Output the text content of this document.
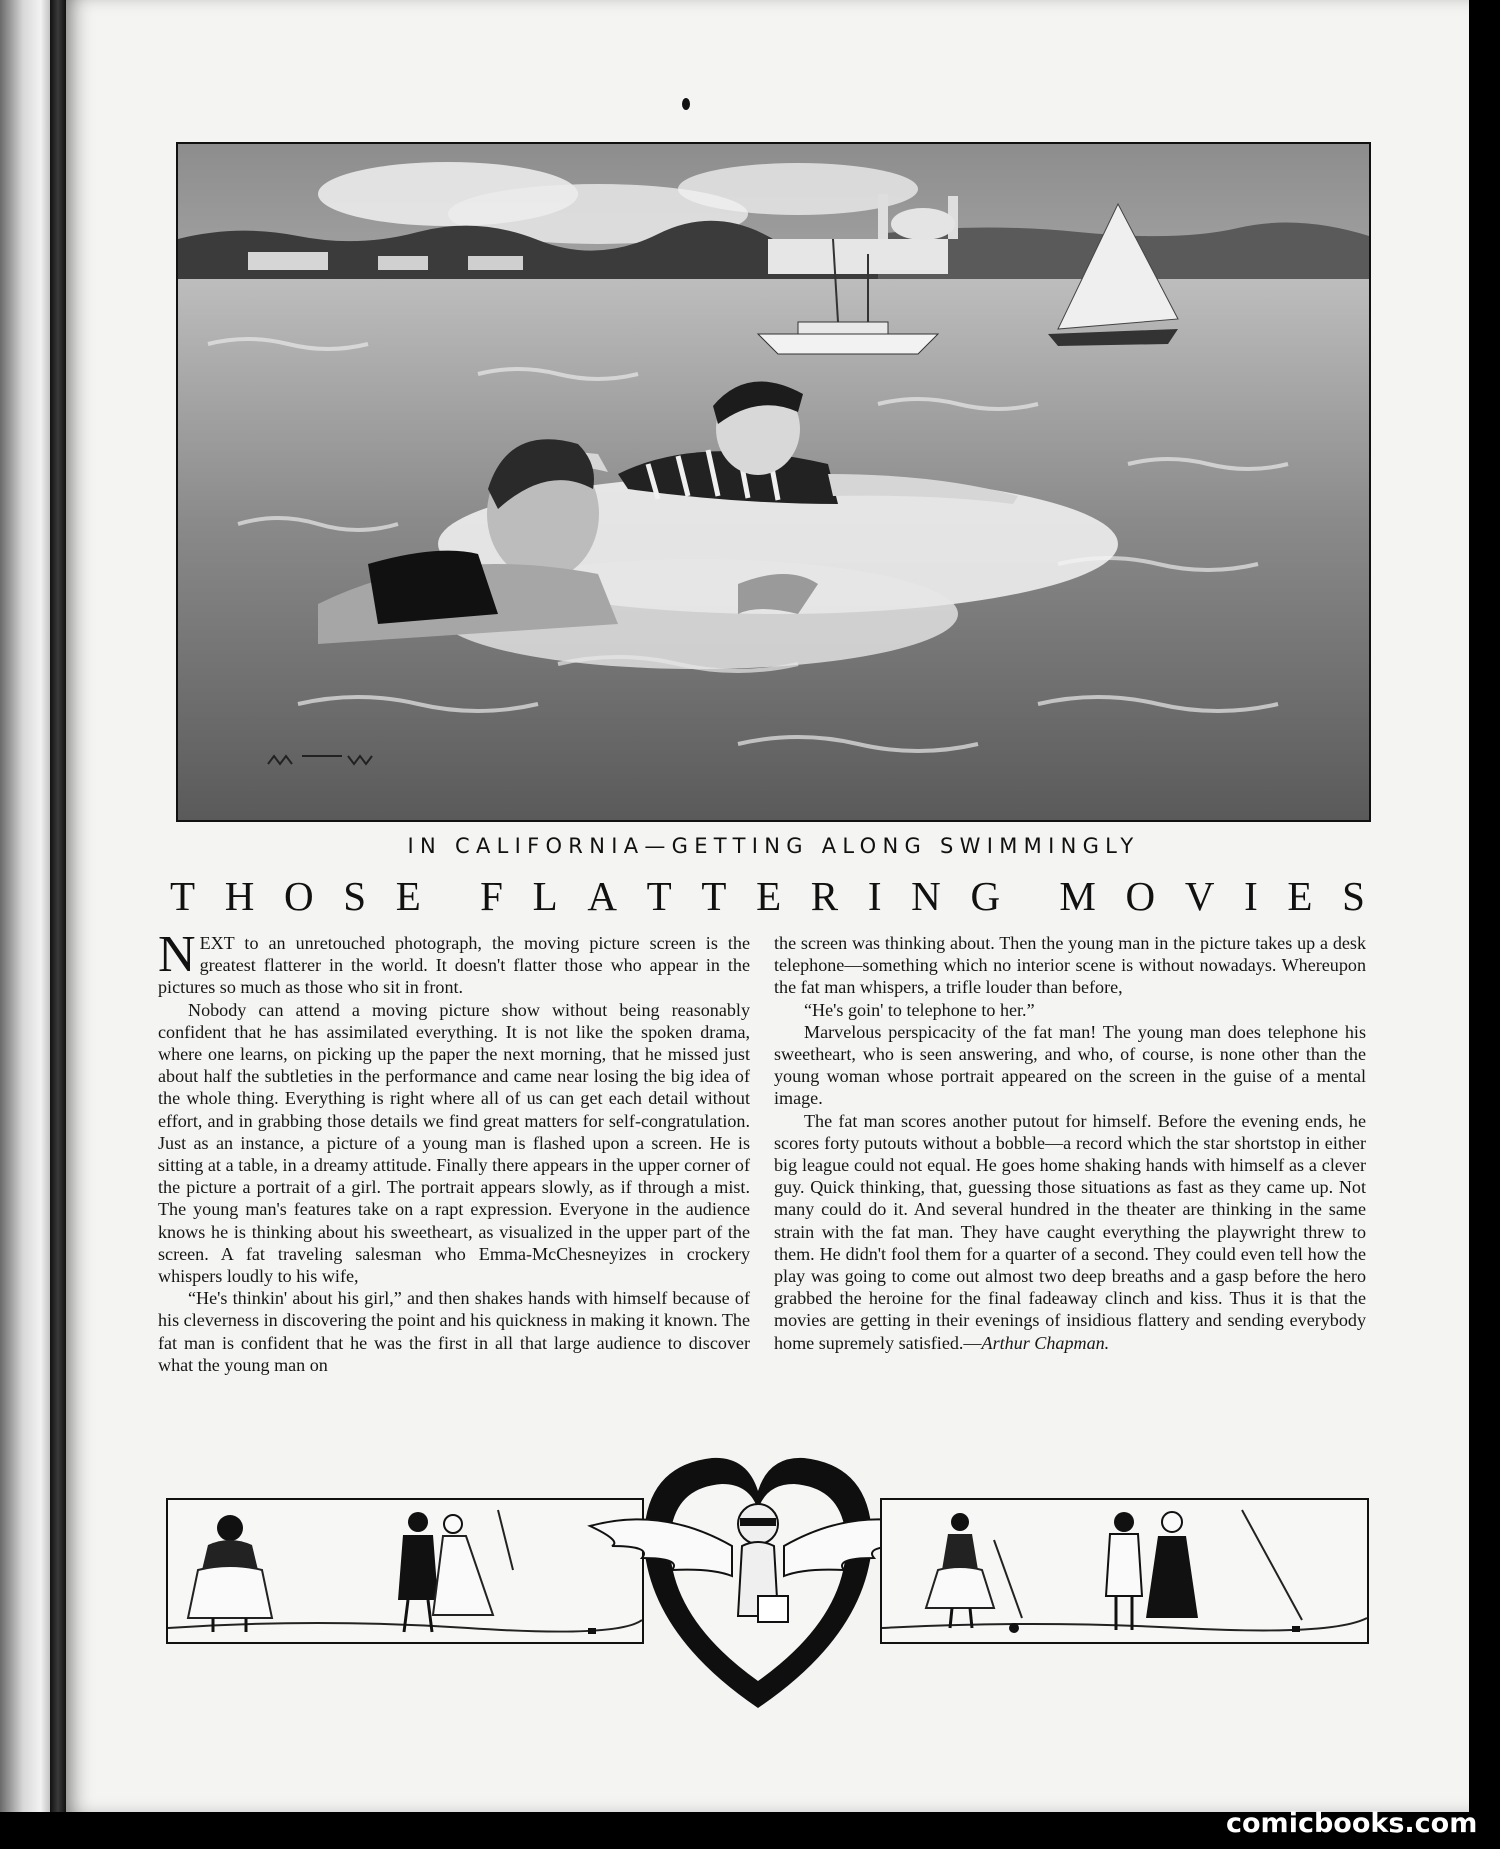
IN CALIFORNIA—GETTING ALONG SWIMMINGLY
T H O S E F L A T T E R I N G M O V I E S

NEXT to an unretouched photograph, the moving picture screen is the greatest flatterer in the world. It doesn't flatter those who appear in the pictures so much as those who sit in front.

Nobody can attend a moving picture show without being reasonably confident that he has assimilated everything. It is not like the spoken drama, where one learns, on picking up the paper the next morning, that he missed just about half the subtleties in the performance and came near losing the big idea of the whole thing. Everything is right where all of us can get each detail without effort, and in grabbing those details we find great matters for self-congratulation. Just as an instance, a picture of a young man is flashed upon a screen. He is sitting at a table, in a dreamy attitude. Finally there appears in the upper corner of the picture a portrait of a girl. The portrait appears slowly, as if through a mist. The young man's features take on a rapt expression. Everyone in the audience knows he is thinking about his sweetheart, as visualized in the upper part of the screen. A fat traveling salesman who Emma-McChesneyizes in crockery whispers loudly to his wife,

“He's thinkin' about his girl,” and then shakes hands with himself because of his cleverness in discovering the point and his quickness in making it known. The fat man is confident that he was the first in all that large audience to discover what the young man on

the screen was thinking about. Then the young man in the picture takes up a desk telephone—something which no interior scene is without nowadays. Whereupon the fat man whispers, a trifle louder than before,

“He's goin' to telephone to her.”

Marvelous perspicacity of the fat man! The young man does telephone his sweetheart, who is seen answering, and who, of course, is none other than the young woman whose portrait appeared on the screen in the guise of a mental image.

The fat man scores another putout for himself. Before the evening ends, he scores forty putouts without a bobble—a record which the star shortstop in either big league could not equal. He goes home shaking hands with himself as a clever guy. Quick thinking, that, guessing those situations as fast as they came up. Not many could do it. And several hundred in the theater are thinking in the same strain with the fat man. They have caught everything the playwright threw to them. He didn't fool them for a quarter of a second. They could even tell how the play was going to come out almost two deep breaths and a gasp before the hero grabbed the heroine for the final fadeaway clinch and kiss. Thus it is that the movies are getting in their evenings of insidious flattery and sending everybody home supremely satisfied.—Arthur Chapman.

comicbooks.com
